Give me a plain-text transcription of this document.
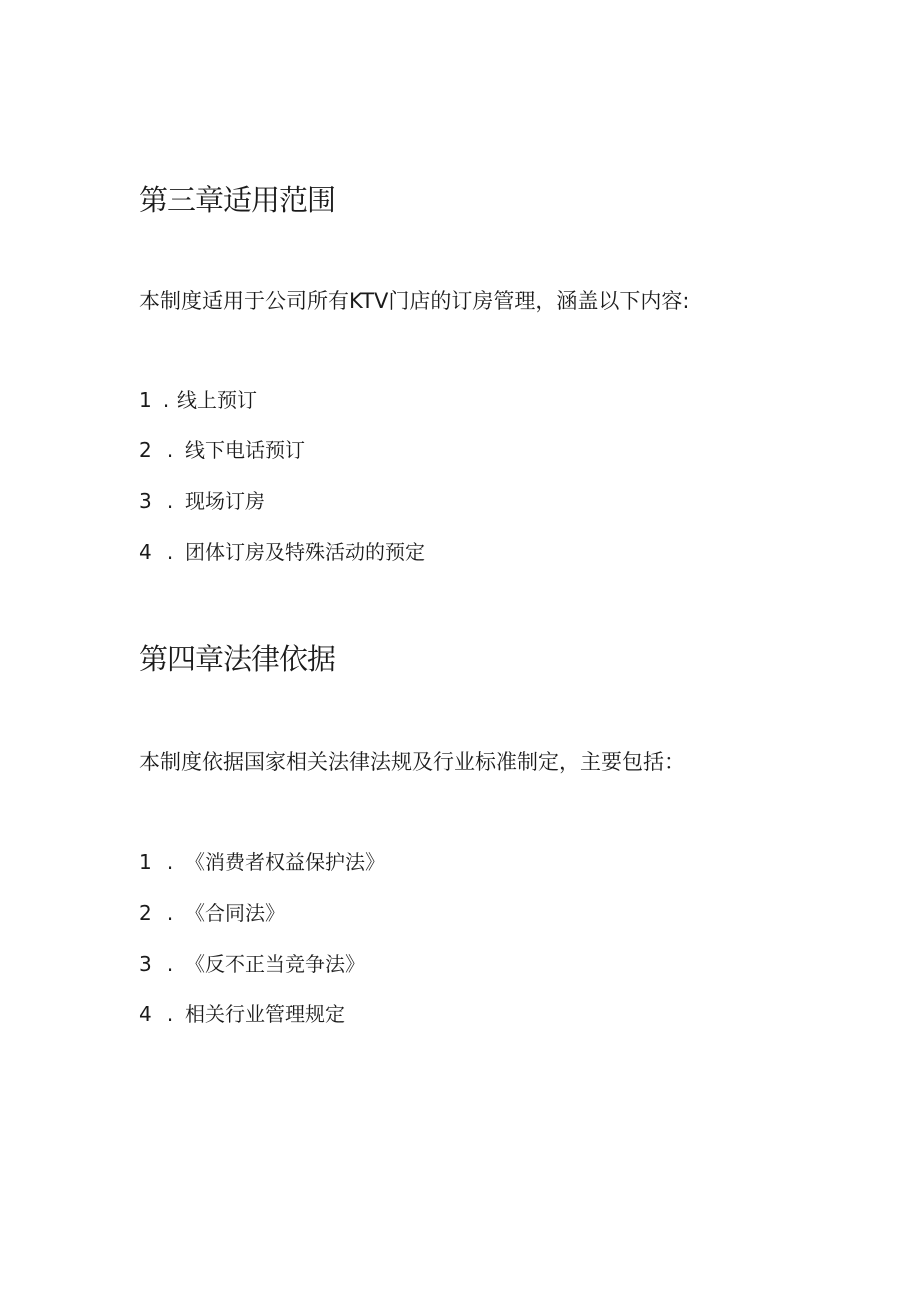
第三章适用范围

本制度适用于公司所有KTV门店的订房管理，涵盖以下内容:

1 . 线上预订
2 . 线下电话预订
3 . 现场订房
4 . 团体订房及特殊活动的预定
第四章法律依据

本制度依据国家相关法律法规及行业标准制定，主要包括：

1 . 《消费者权益保护法》
2 . 《合同法》
3 . 《反不正当竞争法》
4 . 相关行业管理规定
